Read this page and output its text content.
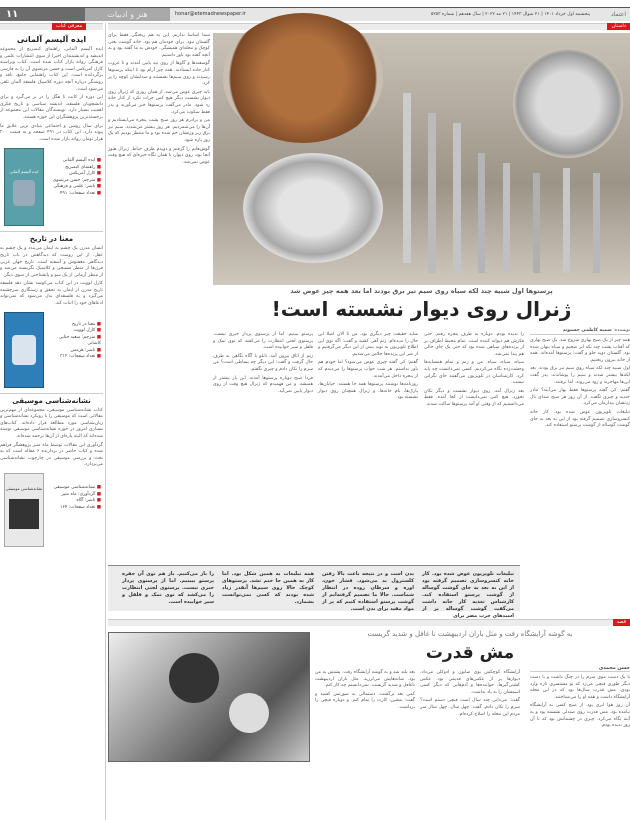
۱۱	هنر و ادبیات	honar@etemadnewspaper.ir	پنجشنبه اول خرداد ۱۴۰۱ | ۲۱ شوال ۱۴۴۳ | ۲۱ مه ۲۰۲۲ | سال هفدهم | شماره ۵۲۵۳	اعتماد
معرفی کتاب	داستان
ایده آلیسم آلمانی

ایده آلیسم آلمانی، راهنمای کیمبریج از مجموعه اندیشه و اندیشمندان اخیرا از سوی انتشارات علمی و فرهنگی روانه بازار کتاب شده است. کتاب ویراسته کارل آمریکس است و حسن مرتضوی آن را به فارسی برگردانده است. این کتاب راهنمایی جامع، ناقد و روشنگر درباره آنچه دوره کلاسیک فلسفه آلمان تلقی می‌شود است.

این دوره از کانت تا هگل را در بر می‌گیرد و برای دانشجویان فلسفه، اندیشه سیاسی و تاریخ فکری اهمیت بسیار دارد. نویسندگان مقالات این مجموعه از برجسته‌ترین پژوهشگران این حوزه هستند.

برای سال روشن و اجتماعی بنیادی ترین علایق ما پیوند دارد. این کتاب در ۴۹۱ صفحه و به قیمت ۲۰۰ هزار تومان روانه بازار شده است.

ایده آلیسم آلمانی
■ ایده آلیسم آلمانی
■ راهنمای کیمبریج
■ کارل آمریکس
■ مترجم: حسن مرتضوی
■ ناشر: علمی و فرهنگی
■ تعداد صفحات: ۴۹۱
معنا در تاریخ

انسان مدرن یک چشم به ایمان می‌بندد و یک چشم به عقل. از این روست که دیدگاهش در باب تاریخ دیدگاهی مغشوش و آشفته است. تاریخ جهان غربی قرن‌ها از منظر مسیحی و کلاسیک نگریسته می‌شد و از منظر آرمانی از یک سو و پاتشناختی از سوی دیگر.

کارل لوویت در این کتاب می‌کوشد نشان دهد فلسفه تاریخ مدرن از ایمان به تحقق و رستگاری سرچشمه می‌گیرد و به فلسفه‌ای بدل می‌شود که نمی‌تواند ادعاهای خود را اثبات کند.

■ معنا در تاریخ
■ کارل لوویت
■ مترجم: سعید حنایی کاشانی
■ ناشر: هرمس
■ تعداد صفحات: ۳۱۲
نشانه‌شناسی موسیقی

کتاب نشانه‌شناسی موسیقی، مجموعه‌ای از مهم‌ترین مقالاتی است که موسیقی را با رویکرد نشانه‌شناسی و زبان‌شناسی مورد مطالعه قرار داده‌اند. کتاب‌های بسیاری امروز در حوزه نشانه‌شناسی موسیقی نوشته شده‌اند که البته پاره‌ای از آن‌ها ترجمه شده‌اند.

گردآوری این مقالات توسط ماه منیر پژوهشگر فراهم شده و کتاب حاضر در بردارنده ۶ مقاله است که به بحث و بررسی موسیقی در چارچوب نشانه‌شناسی می‌پردازد.

نشانه‌شناسی موسیقی	■ نشانه‌شناسی موسیقی
■ گردآوری: ماه منیر
■ ناشر: آگاه
■ تعداد صفحات: ۱۶۴

شما اساسا نداریم. این به هم ریختگی فقط برای گلستان نبود. برای خودمان هم بود. خانه گوشت یعنی کوچک و محله‌ای همیشگی. خودش به ما گفته بود و به آنچه گفته بود باور داشتیم.

گوسفندها و گاوها از روی تپه پایین آمدند و تا غروب کنار جاده ایستادند. همه چیز آرام بود تا اینکه پرستوها رسیدند و روی سیم‌ها نشستند و صدایشان کوچه را پر کرد.

باید چیزی عوض می‌شد. از همان روزی که ژنرال روی دیوار نشست دیگر هیچ کس جرات نکرد از کنار خانه رد شود. مادر می‌گفت پرستوها خبر می‌آورند و پدر فقط سکوت می‌کرد.

من و برادرم هر روز صبح پشت پنجره می‌ایستادیم و آن‌ها را می‌شمردیم. هر روز بیشتر می‌شدند. سیم تیر برق زیر وزنشان خم شده بود و ما منتظر بودیم که یک روز پاره شود.

گوش‌هایم را گرفتم و دویدم طرف حیاط. ژنرال هنوز آنجا بود، روی دیوار، با همان نگاه خیره‌ای که هیچ وقت عوض نمی‌شد.

پرستوها اول شبیه چند لکه سیاه روی سیم تیر برق بودند اما بعد همه چیز عوض شد
ژنرال روی دیوار نشسته است!
نویسنده: سمیه کاظمی حسنوند

همه چیز از یک صبح بهاری شروع شد. یک صبح بهاری که آفتاب پشت چند تکه ابر ضخیم و سیاه پنهان شده بود. گلستان دوید جلو و گفت: پرستوها آمده‌اند. همه از خانه بیرون ریختیم.

اول شبیه چند لکه سیاه روی سیم تیر برق بودند. بعد لکه‌ها بیشتر شدند و سیم را پوشاندند. پدر گفت این‌ها مهاجرند و زود می‌روند. اما نرفتند.

گفتم: کی گفته پرستوها فقط بهار می‌آیند؟ مادر خندید و چیزی نگفت. از آن روز هر صبح صدای بال زدنشان بیدارمان می‌کرد.

تبلیغات تلویزیون عوض شده بود. کار خانه کنسروسازی تصمیم گرفته بود از این به بعد به جای گوشت گوساله از گوشت پرستو استفاده کند.

را ندیده بودم. دوباره به طرف پنجره رفتم. حتی فکرش هم دیوانه کننده است. تمام محیط اطراف پر از پرنده‌های سیاهی شده بود که حتی یک جای خالی هم پیدا نمی‌شد.

سیاه، سیاه، سیاه. من و زنم و تمام همسایه‌ها وحشت‌زده نگاه می‌کردیم. کسی نمی‌دانست چه باید کرد. کارشناسان در تلویزیون می‌گفتند جای نگرانی نیست.

بعد ژنرال آمد. روی دیوار نشست و دیگر تکان نخورد. هیچ کس نمی‌دانست از کجا آمده. فقط می‌دانستیم که از وقتی او آمد پرستوها ساکت شدند.

شاید حقیقت چیز دیگری بود. من تا الان اصلا این حال را ندیده‌ام. زنم آهی کشید و گفت: اگه توی این اطلاع تلویزیون به نوید بیش از این دیگر می‌گرفتیم و از شر این پرنده‌ها خلاص می‌شدیم.

گفتم: کی گفته چیزی عوض می‌شود؟ اما خودم هم باور نداشتم. هر شب خواب پرستوها را می‌دیدم که از پنجره داخل می‌آمدند.

روزنامه‌ها نوشتند پرستوها همه جا هستند. خیابان‌ها، پارک‌ها، بام خانه‌ها. و ژنرال همچنان روی دیوار نشسته بود.

پرستو ببینیم. اما از پرستوی پردار خبری نیست. پرستوی لختی انتظارت را می‌کشد که توی نمک و فلفل و سیر خوابیده است.

زنم از اتاق بیرون آمد. تابلو با آگاه نگاهی به طرف حال گرفت و گفت: این دیگر چه بساطی است؟ من سرم را تکان دادم و چیزی نگفتم.

فردا صبح دوباره پرستوها آمدند. این بار بیشتر از همیشه. و من فهمیدم که ژنرال هیچ وقت از روی دیوار پایین نمی‌آید.

تبلیغات تلویزیون عوض شده بود. کار خانه کنسروسازی تصمیم گرفته بود از این به بعد به جای گوشت گوساله از گوشت پرستو استفاده کند. کارشناس تغذیه کار خانه داشت می‌گفت گوشت گوساله پر از اسیدهای چرب مضر برایبدن است و در نتیجه باعث بالا رفتن کلسترول بد می‌شود. فشار خون، اوره و سرطان روده در انتظار شماست. حالا ما تصمیم گرفته‌ایم از گوشت پرستو استفاده کنیم که پر از مواد مفید برای بدن است.همه تبلیغات به همین شکل بود. اما کار به همین جا ختم نشد. پرستوهای کوچک حالا روی سیم‌ها آنقدر زیاد شده بودند که کسی نمی‌توانست بشمارد.را باز می‌کنیم. باز هم توی آن حفره پرستو ببینیم. اما از پرستوی پردار خبری نیست. پرستوی لختی انتظارت را می‌کشد که توی نمک و فلفل و سیر خوابیده است.
قصه
به گوشه آرایشگاه رفت و مثل باران اردیبهشت نا غافل و شدید گریست
مش قدرت
حسن محمدی

با یک دست موی سرم را در چنگ داشت و با دست دیگر طوری قیچی می‌زد که تو مشتسری تازه وارد بودی. مش قدرت سال‌ها بود که در این محله آرایشگاه داشت و همه او را می‌شناختند.

آن روز هوا ابری بود. از صبح کسی به آرایشگاه نیامده بود. مش قدرت روی صندلی نشسته بود و به آینه نگاه می‌کرد. چیزی در چشمانش بود که تا آن روز ندیده بودم.

آرایشگاه کوچکش بوی صابون و ادوکلن می‌داد. دیوارها پر از عکس‌های قدیمی بود. عکس کشتی‌گیرها، خواننده‌ها و آدم‌هایی که دیگر کسی اسمشان را به یاد نداشت.

گفت: می‌دانی چند سال است قیچی دستم است؟ سرم را تکان دادم. گفت: چهل سال. چهل سال سر مردم این محله را اصلاح کرده‌ام.

بعد بلند شد و به گوشه آرایشگاه رفت. پشتش به من بود. شانه‌هایش می‌لرزید. مثل باران اردیبهشت ناغافل و شدید گریست. نمی‌دانستم چه کار کنم.

کمی بعد برگشت، دستمالی به صورتش کشید و گفت: بنشین، کارت را تمام کنم. و دوباره قیچی را برداشت.
